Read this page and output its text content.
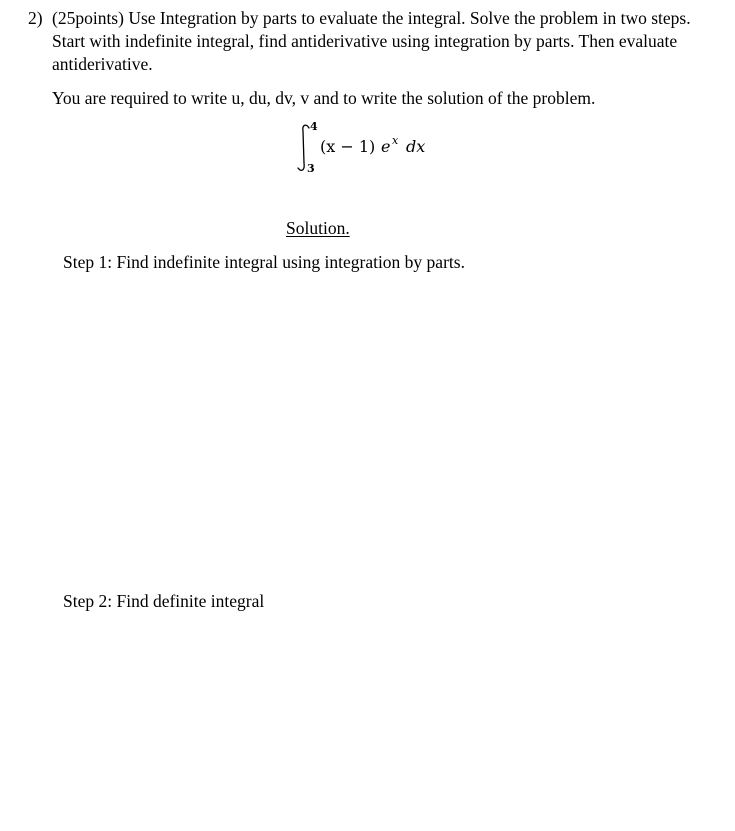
2) (25points) Use Integration by parts to evaluate the integral. Solve the problem in two steps. Start with indefinite integral, find antiderivative using integration by parts. Then evaluate antiderivative.
You are required to write u, du, dv, v and to write the solution of the problem.
4
3
(x − 1) e x dx
Solution.
Step 1: Find indefinite integral using integration by parts.
Step 2: Find definite integral
